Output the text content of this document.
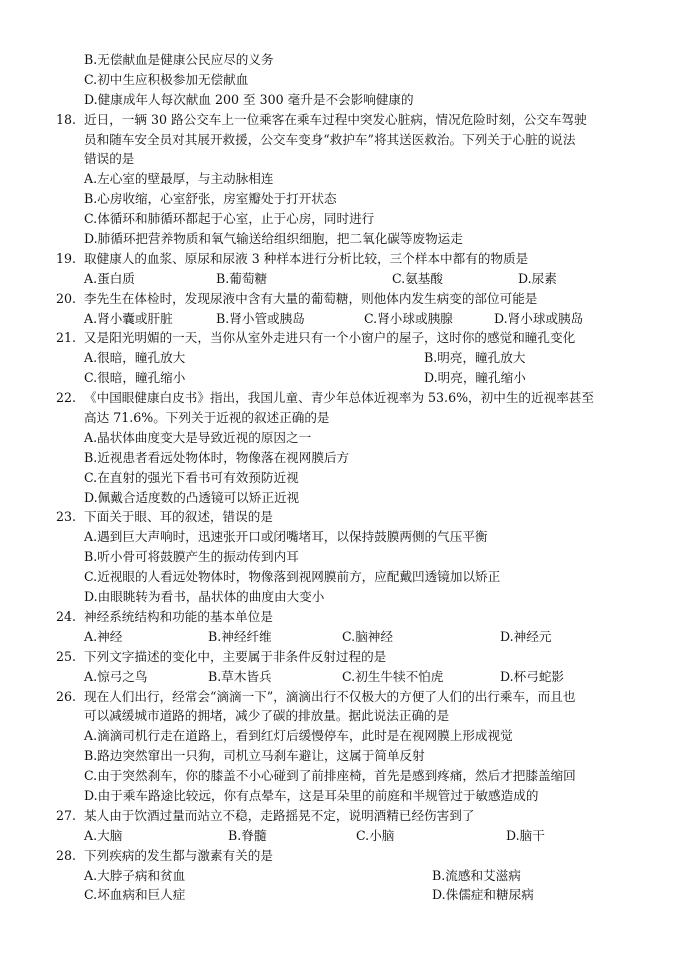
B.无偿献血是健康公民应尽的义务
C.初中生应积极参加无偿献血
D.健康成年人每次献血 200 至 300 毫升是不会影响健康的
18. 近日，一辆 30 路公交车上一位乘客在乘车过程中突发心脏病，情况危险时刻，公交车驾驶
员和随车安全员对其展开救援，公交车变身“救护车”将其送医救治。下列关于心脏的说法
错误的是
A.左心室的壁最厚，与主动脉相连
B.心房收缩，心室舒张，房室瓣处于打开状态
C.体循环和肺循环都起于心室，止于心房，同时进行
D.肺循环把营养物质和氧气输送给组织细胞，把二氧化碳等废物运走
19. 取健康人的血浆、原尿和尿液 3 种样本进行分析比较，三个样本中都有的物质是
A.蛋白质	B.葡萄糖	C.氨基酸	D.尿素
20. 李先生在体检时，发现尿液中含有大量的葡萄糖，则他体内发生病变的部位可能是
A.肾小囊或肝脏	B.肾小管或胰岛	C.肾小球或胰腺	D.肾小球或胰岛
21. 又是阳光明媚的一天，当你从室外走进只有一个小窗户的屋子，这时你的感觉和瞳孔变化
A.很暗，瞳孔放大	B.明亮，瞳孔放大
C.很暗，瞳孔缩小	D.明亮，瞳孔缩小
22. 《中国眼健康白皮书》指出，我国儿童、青少年总体近视率为 53.6%，初中生的近视率甚至
高达 71.6%。下列关于近视的叙述正确的是
A.晶状体曲度变大是导致近视的原因之一
B.近视患者看远处物体时，物像落在视网膜后方
C.在直射的强光下看书可有效预防近视
D.佩戴合适度数的凸透镜可以矫正近视
23. 下面关于眼、耳的叙述，错误的是
A.遇到巨大声响时，迅速张开口或闭嘴堵耳，以保持鼓膜两侧的气压平衡
B.听小骨可将鼓膜产生的振动传到内耳
C.近视眼的人看远处物体时，物像落到视网膜前方，应配戴凹透镜加以矫正
D.由眼眺转为看书，晶状体的曲度由大变小
24. 神经系统结构和功能的基本单位是
A.神经	B.神经纤维	C.脑神经	D.神经元
25. 下列文字描述的变化中，主要属于非条件反射过程的是
A.惊弓之鸟	B.草木皆兵	C.初生牛犊不怕虎	D.杯弓蛇影
26. 现在人们出行，经常会“滴滴一下”，滴滴出行不仅极大的方便了人们的出行乘车，而且也
可以减缓城市道路的拥堵，减少了碳的排放量。据此说法正确的是
A.滴滴司机行走在道路上，看到红灯后缓慢停车，此时是在视网膜上形成视觉
B.路边突然窜出一只狗，司机立马刹车避让，这属于简单反射
C.由于突然刹车，你的膝盖不小心碰到了前排座椅，首先是感到疼痛，然后才把膝盖缩回
D.由于乘车路途比较远，你有点晕车，这是耳朵里的前庭和半规管过于敏感造成的
27. 某人由于饮酒过量而站立不稳，走路摇晃不定，说明酒精已经伤害到了
A.大脑	B.脊髓	C.小脑	D.脑干
28. 下列疾病的发生都与激素有关的是
A.大脖子病和贫血	B.流感和艾滋病
C.坏血病和巨人症	D.侏儒症和糖尿病
